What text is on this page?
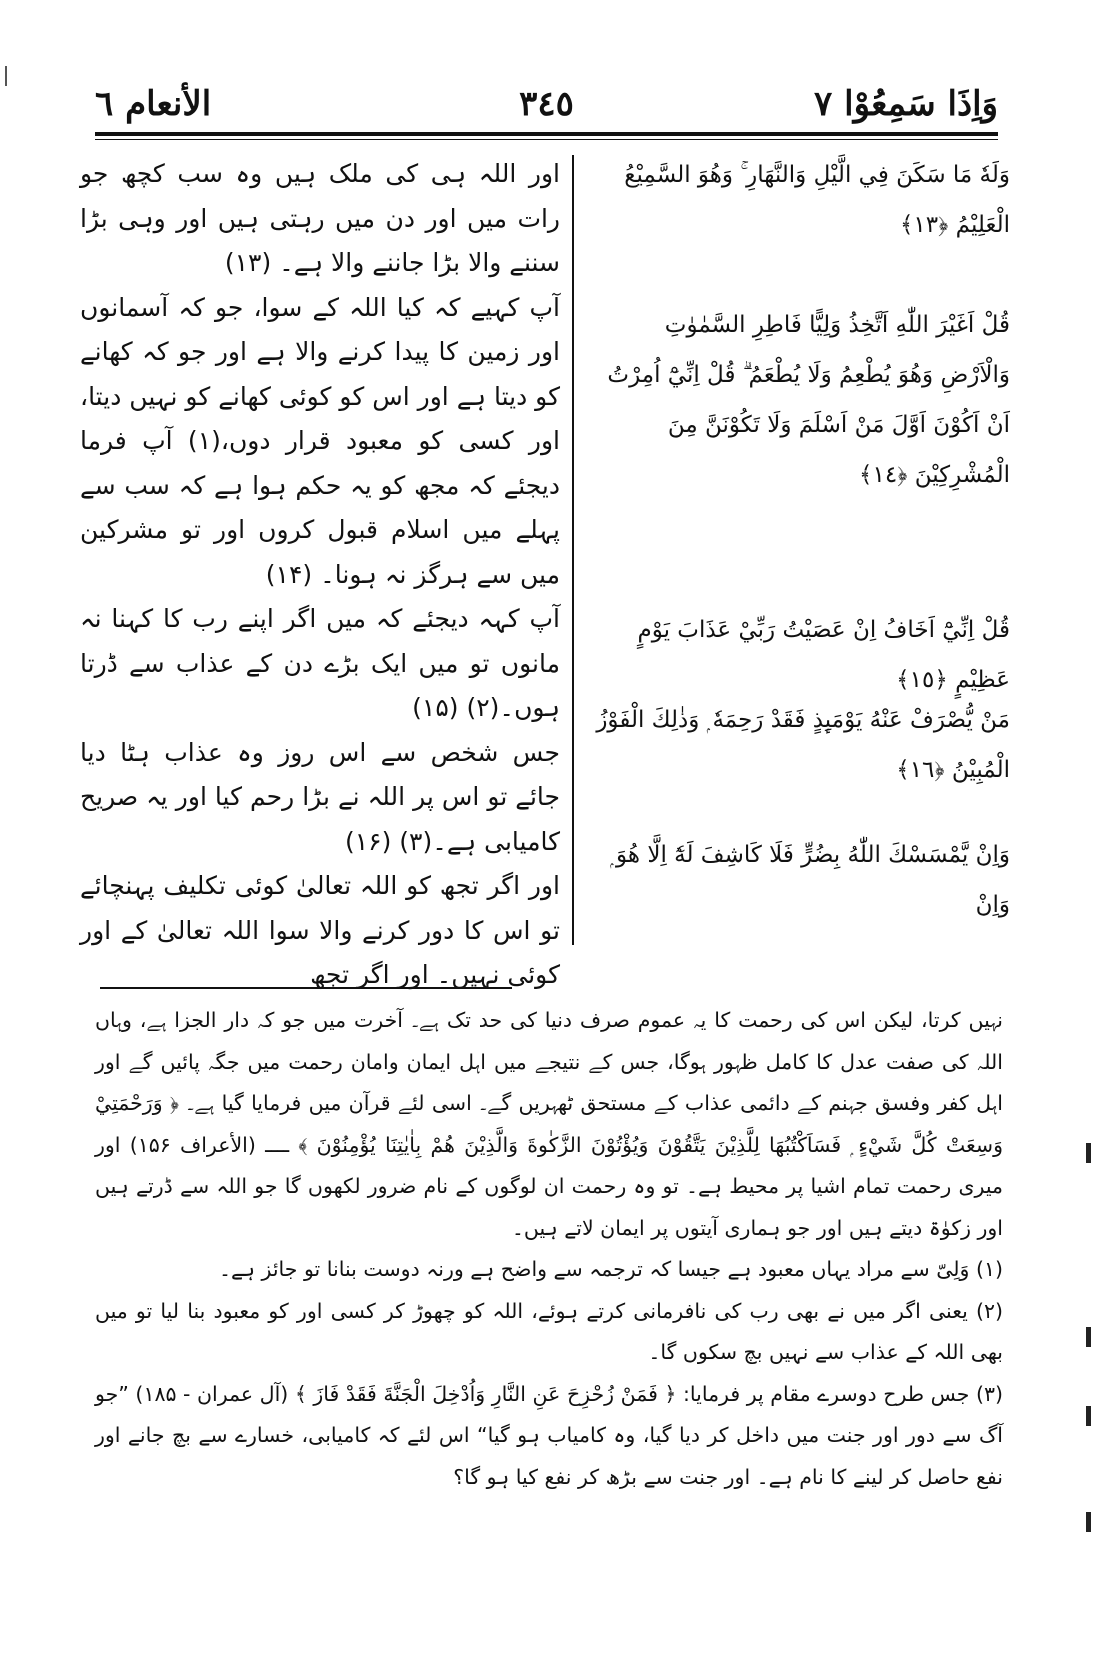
وَاِذَا سَمِعُوْا ٧
٣٤٥
الأنعام ٦
وَلَهٗ مَا سَكَنَ فِي الَّيْلِ وَالنَّهَارِ ۚ وَهُوَ السَّمِيْعُ الْعَلِيْمُ ﴿١٣﴾
قُلْ اَغَيْرَ اللّٰهِ اَتَّخِذُ وَلِيًّا فَاطِرِ السَّمٰوٰتِ وَالْاَرْضِ وَهُوَ يُطْعِمُ وَلَا يُطْعَمُ ۗ قُلْ اِنِّيْٓ اُمِرْتُ اَنْ اَكُوْنَ اَوَّلَ مَنْ اَسْلَمَ وَلَا تَكُوْنَنَّ مِنَ الْمُشْرِكِيْنَ ﴿١٤﴾
قُلْ اِنِّيْٓ اَخَافُ اِنْ عَصَيْتُ رَبِّيْ عَذَابَ يَوْمٍ عَظِيْمٍ ﴿١٥﴾
مَنْ يُّصْرَفْ عَنْهُ يَوْمَىِٕذٍ فَقَدْ رَحِمَهٗ ۭ وَذٰلِكَ الْفَوْزُ الْمُبِيْنُ ﴿١٦﴾
وَاِنْ يَّمْسَسْكَ اللّٰهُ بِضُرٍّ فَلَا كَاشِفَ لَهٗٓ اِلَّا هُوَ ۭ وَاِنْ

اور اللہ ہی کی ملک ہیں وہ سب کچھ جو رات میں اور دن میں رہتی ہیں اور وہی بڑا سننے والا بڑا جاننے والا ہے۔ (۱۳)

آپ کہیے کہ کیا اللہ کے سوا، جو کہ آسمانوں اور زمین کا پیدا کرنے والا ہے اور جو کہ کھانے کو دیتا ہے اور اس کو کوئی کھانے کو نہیں دیتا، اور کسی کو معبود قرار دوں،(۱) آپ فرما دیجئے کہ مجھ کو یہ حکم ہوا ہے کہ سب سے پہلے میں اسلام قبول کروں اور تو مشرکین میں سے ہرگز نہ ہونا۔ (۱۴)

آپ کہہ دیجئے کہ میں اگر اپنے رب کا کہنا نہ مانوں تو میں ایک بڑے دن کے عذاب سے ڈرتا ہوں۔(۲) (۱۵)

جس شخص سے اس روز وہ عذاب ہٹا دیا جائے تو اس پر اللہ نے بڑا رحم کیا اور یہ صریح کامیابی ہے۔(۳) (۱۶)

اور اگر تجھ کو اللہ تعالیٰ کوئی تکلیف پہنچائے تو اس کا دور کرنے والا سوا اللہ تعالیٰ کے اور کوئی نہیں۔ اور اگر تجھ

نہیں کرتا، لیکن اس کی رحمت کا یہ عموم صرف دنیا کی حد تک ہے۔ آخرت میں جو کہ دار الجزا ہے، وہاں اللہ کی صفت عدل کا کامل ظہور ہوگا، جس کے نتیجے میں اہل ایمان وامان رحمت میں جگہ پائیں گے اور اہل کفر وفسق جہنم کے دائمی عذاب کے مستحق ٹھہریں گے۔ اسی لئے قرآن میں فرمایا گیا ہے۔ ﴿ وَرَحْمَتِيْ وَسِعَتْ كُلَّ شَيْءٍ ۭ فَسَاَكْتُبُهَا لِلَّذِيْنَ يَتَّقُوْنَ وَيُؤْتُوْنَ الزَّكٰوةَ وَالَّذِيْنَ هُمْ بِاٰيٰتِنَا يُؤْمِنُوْنَ ﴾ ــــ (الأعراف ۱۵۶) اور میری رحمت تمام اشیا پر محیط ہے۔ تو وہ رحمت ان لوگوں کے نام ضرور لکھوں گا جو اللہ سے ڈرتے ہیں اور زکوٰۃ دیتے ہیں اور جو ہماری آیتوں پر ایمان لاتے ہیں۔

(۱) وَلِیّ سے مراد یہاں معبود ہے جیسا کہ ترجمہ سے واضح ہے ورنہ دوست بنانا تو جائز ہے۔

(۲) یعنی اگر میں نے بھی رب کی نافرمانی کرتے ہوئے، اللہ کو چھوڑ کر کسی اور کو معبود بنا لیا تو میں بھی اللہ کے عذاب سے نہیں بچ سکوں گا۔

(۳) جس طرح دوسرے مقام پر فرمایا: ﴿ فَمَنْ زُحْزِحَ عَنِ النَّارِ وَاُدْخِلَ الْجَنَّةَ فَقَدْ فَازَ ﴾ (آل عمران - ۱۸۵) ”جو آگ سے دور اور جنت میں داخل کر دیا گیا، وہ کامیاب ہو گیا“ اس لئے کہ کامیابی، خسارے سے بچ جانے اور نفع حاصل کر لینے کا نام ہے۔ اور جنت سے بڑھ کر نفع کیا ہو گا؟
